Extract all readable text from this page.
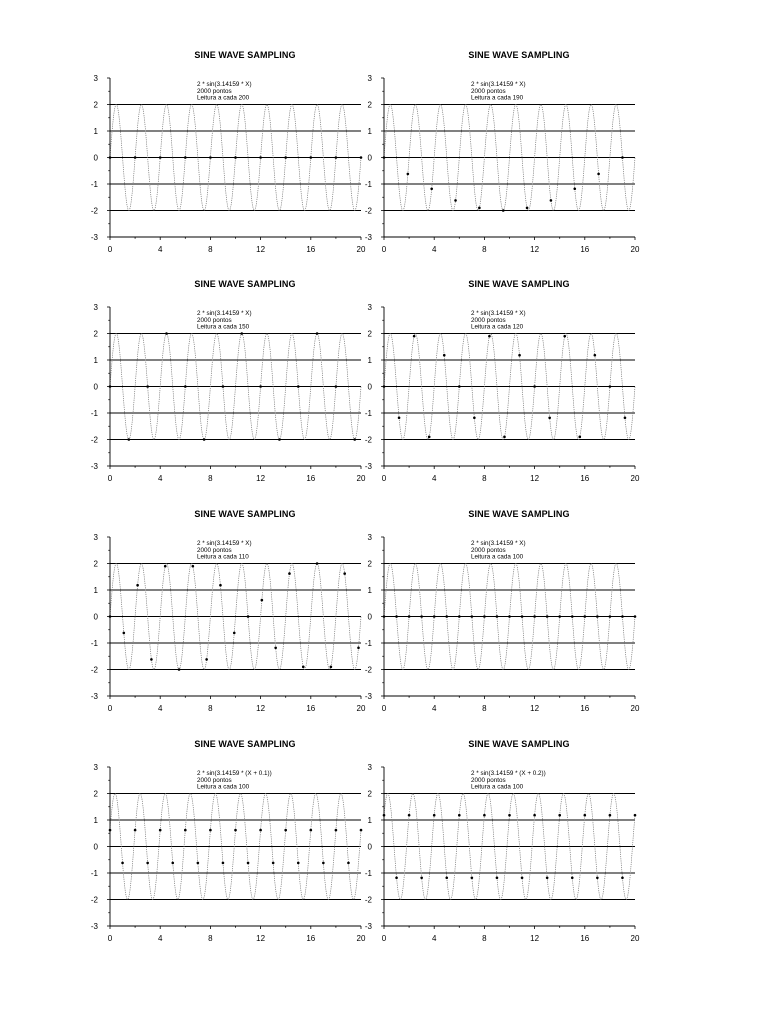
SINE WAVE SAMPLING
3
2
1
0
-1
-2
-3
0	4	8	12	16	20
2 * sin(3.14159 * X)
2000 pontos
Leitura a cada 200
SINE WAVE SAMPLING
3
2
1
0
-1
-2
-3
0	4	8	12	16	20
2 * sin(3.14159 * X)
2000 pontos
Leitura a cada 190
SINE WAVE SAMPLING
3
2
1
0
-1
-2
-3
0	4	8	12	16	20
2 * sin(3.14159 * X)
2000 pontos
Leitura a cada 150
SINE WAVE SAMPLING
3
2
1
0
-1
-2
-3
0	4	8	12	16	20
2 * sin(3.14159 * X)
2000 pontos
Leitura a cada 120
SINE WAVE SAMPLING
3
2
1
0
-1
-2
-3
0	4	8	12	16	20
2 * sin(3.14159 * X)
2000 pontos
Leitura a cada 110
SINE WAVE SAMPLING
3
2
1
0
-1
-2
-3
0	4	8	12	16	20
2 * sin(3.14159 * X)
2000 pontos
Leitura a cada 100
SINE WAVE SAMPLING
3
2
1
0
-1
-2
-3
0	4	8	12	16	20
2 * sin(3.14159 * (X + 0.1))
2000 pontos
Leitura a cada 100
SINE WAVE SAMPLING
3
2
1
0
-1
-2
-3
0	4	8	12	16	20
2 * sin(3.14159 * (X + 0.2))
2000 pontos
Leitura a cada 100
